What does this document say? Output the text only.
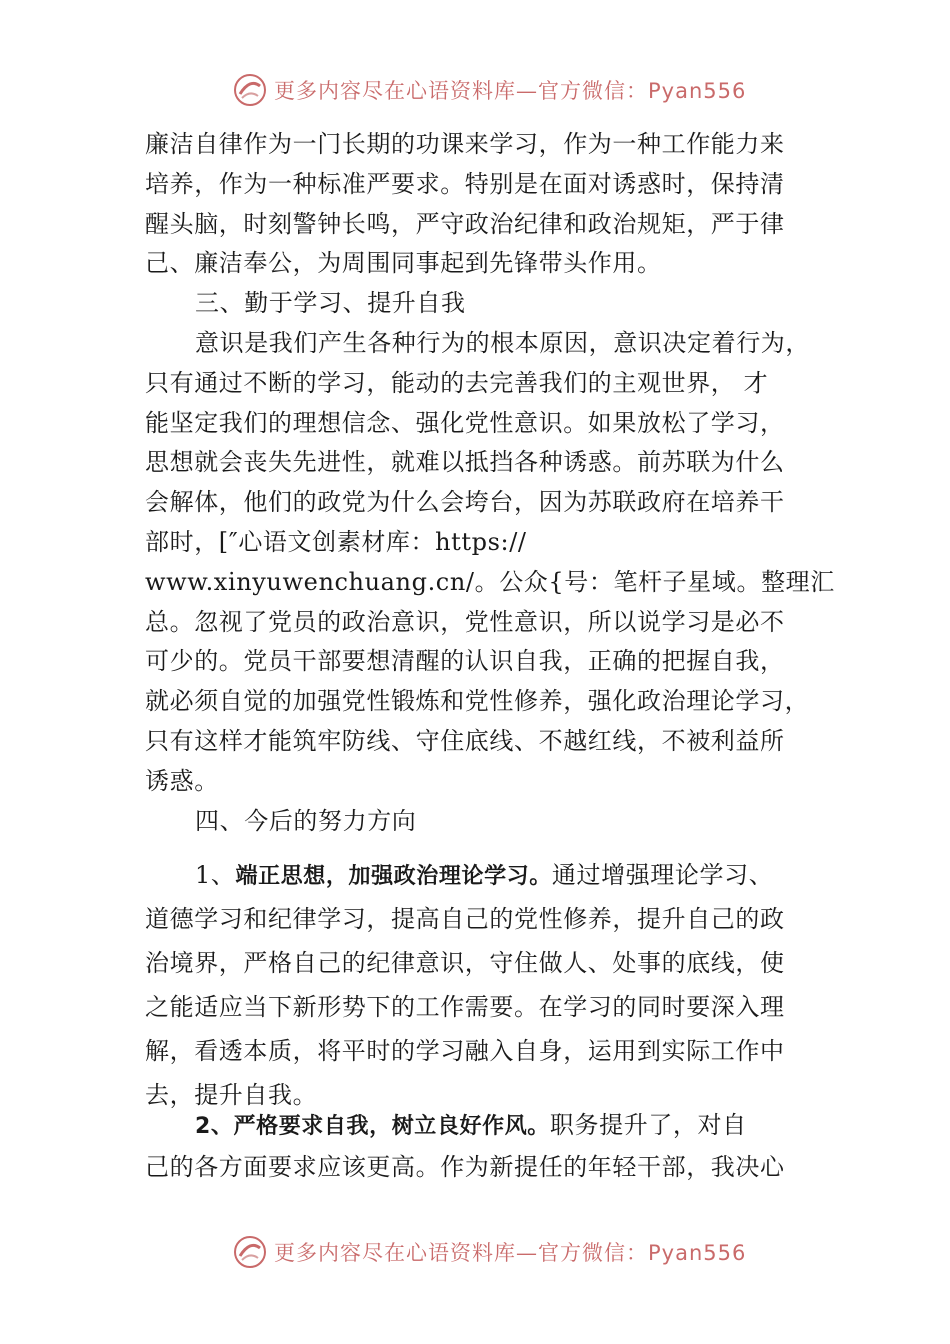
更多内容尽在心语资料库—官方微信：Pyan556
廉洁自律作为一门长期的功课来学习，作为一种工作能力来
培养，作为一种标准严要求。特别是在面对诱惑时，保持清
醒头脑，时刻警钟长鸣，严守政治纪律和政治规矩，严于律
己、廉洁奉公，为周围同事起到先锋带头作用。
三、勤于学习、提升自我
意识是我们产生各种行为的根本原因，意识决定着行为，
只有通过不断的学习，能动的去完善我们的主观世界， 才
能坚定我们的理想信念、强化党性意识。如果放松了学习，
思想就会丧失先进性，就难以抵挡各种诱惑。前苏联为什么
会解体，他们的政党为什么会垮台，因为苏联政府在培养干
部时，[″心语文创素材库：https://
www.xinyuwenchuang.cn/。公众{号：笔杆子星域。整理汇
总。忽视了党员的政治意识，党性意识，所以说学习是必不
可少的。党员干部要想清醒的认识自我，正确的把握自我，
就必须自觉的加强党性锻炼和党性修养，强化政治理论学习，
只有这样才能筑牢防线、守住底线、不越红线，不被利益所
诱惑。
四、今后的努力方向
1、端正思想，加强政治理论学习。通过增强理论学习、
道德学习和纪律学习，提高自己的党性修养，提升自己的政
治境界，严格自己的纪律意识，守住做人、处事的底线，使
之能适应当下新形势下的工作需要。在学习的同时要深入理
解，看透本质，将平时的学习融入自身，运用到实际工作中
去，提升自我。
2、严格要求自我，树立良好作风。职务提升了，对自
己的各方面要求应该更高。作为新提任的年轻干部，我决心
更多内容尽在心语资料库—官方微信：Pyan556
